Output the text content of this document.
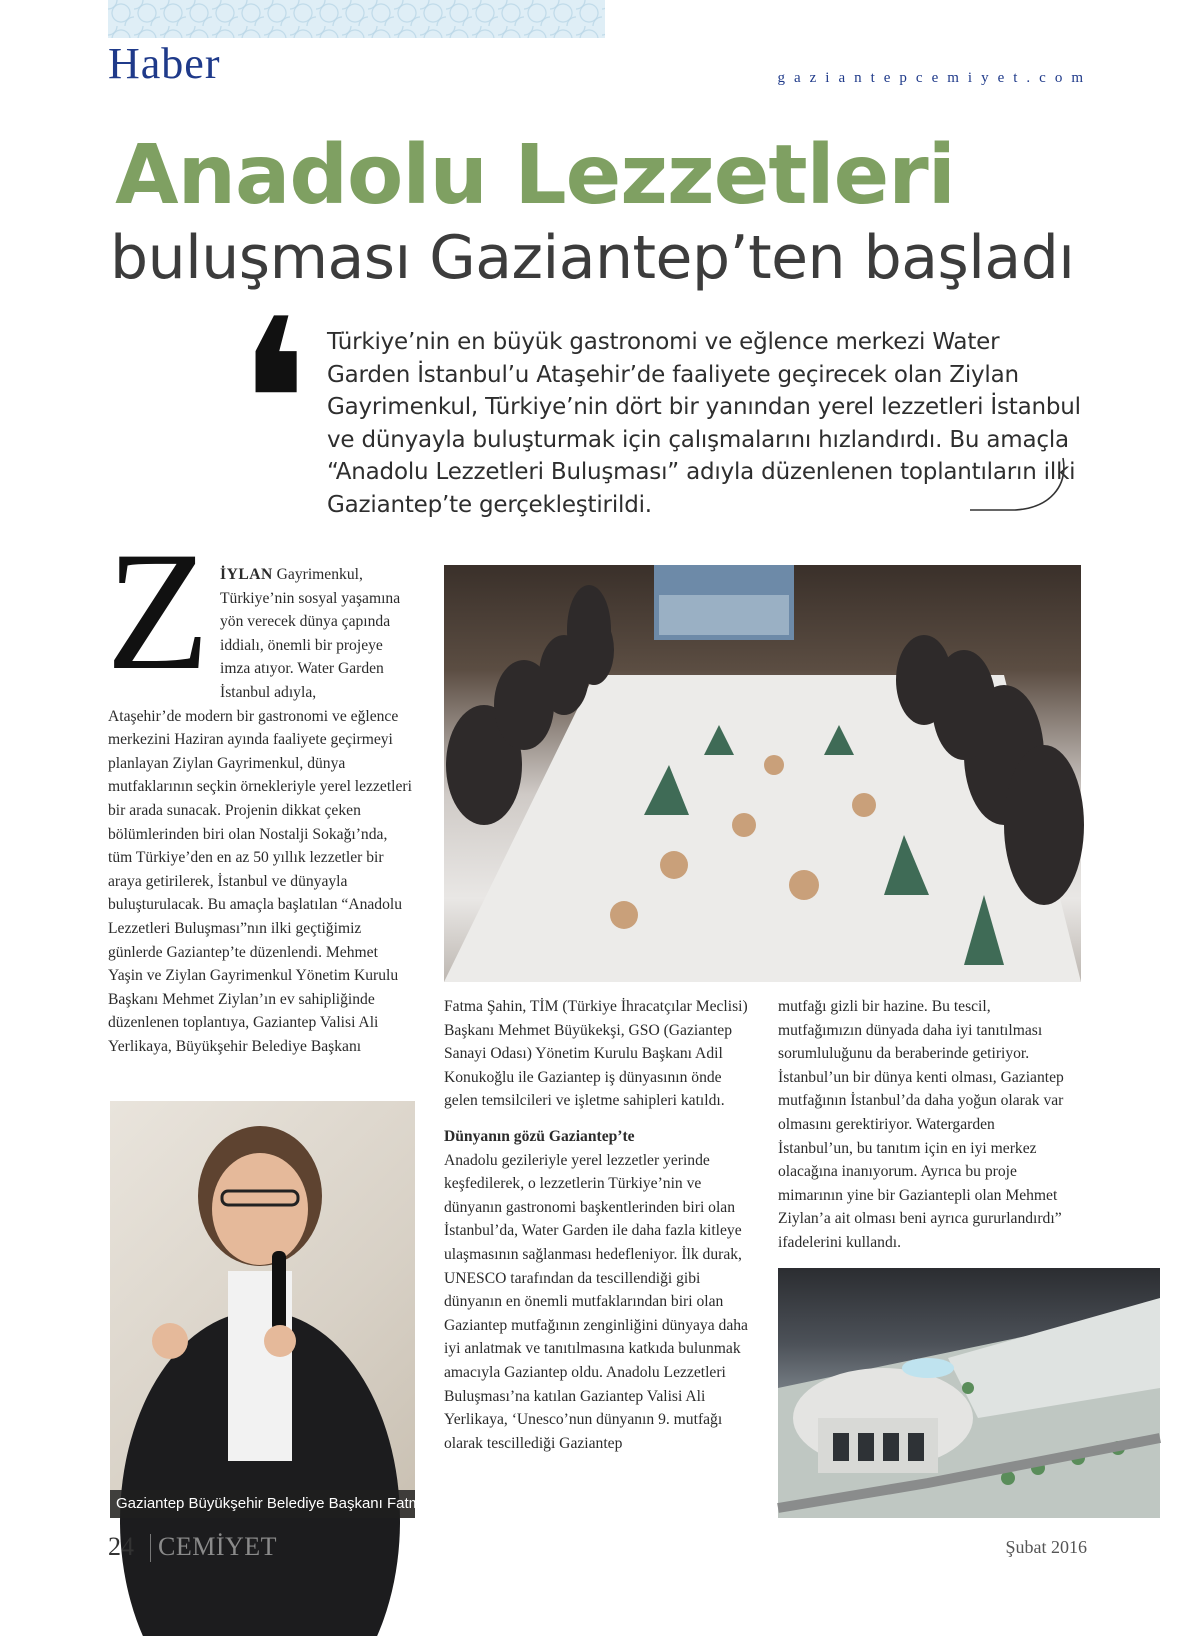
Haber	gaziantepcemiyet.com
Anadolu Lezzetleri
buluşması Gaziantep’ten başladı
❛ Türkiye’nin en büyük gastronomi ve eğlence merkezi Water Garden İstanbul’u Ataşehir’de faaliyete geçirecek olan Ziylan Gayrimenkul, Türkiye’nin dört bir yanından yerel lezzetleri İstanbul ve dünyayla buluşturmak için çalışmalarını hızlandırdı. Bu amaçla “Anadolu Lezzetleri Buluşması” adıyla düzenlenen toplantıların ilki Gaziantep’te gerçekleştirildi.
Z İYLAN Gayrimenkul, Türkiye’nin sosyal yaşamına yön verecek dünya çapında iddialı, önemli bir projeye imza atıyor. Water Garden İstanbul adıyla,
Ataşehir’de modern bir gastronomi ve eğlence merkezini Haziran ayında faaliyete geçirmeyi planlayan Ziylan Gayrimenkul, dünya mutfaklarının seçkin örnekleriyle yerel lezzetleri bir arada sunacak. Projenin dikkat çeken bölümlerinden biri olan Nostalji Sokağı’nda, tüm Türkiye’den en az 50 yıllık lezzetler bir araya getirilerek, İstanbul ve dünyayla buluşturulacak. Bu amaçla başlatılan “Anadolu Lezzetleri Buluşması”nın ilki geçtiğimiz günlerde Gaziantep’te düzenlendi. Mehmet Yaşin ve Ziylan Gayrimenkul Yönetim Kurulu Başkanı Mehmet Ziylan’ın ev sahipliğinde düzenlenen toplantıya, Gaziantep Valisi Ali Yerlikaya, Büyükşehir Belediye Başkanı
Gaziantep Büyükşehir Belediye Başkanı Fatma Şahin
Fatma Şahin, TİM (Türkiye İhracatçılar Meclisi) Başkanı Mehmet Büyükekşi, GSO (Gaziantep Sanayi Odası) Yönetim Kurulu Başkanı Adil Konukoğlu ile Gaziantep iş dünyasının önde gelen temsilcileri ve işletme sahipleri katıldı.
Dünyanın gözü Gaziantep’te
Anadolu gezileriyle yerel lezzetler yerinde keşfedilerek, o lezzetlerin Türkiye’nin ve dünyanın gastronomi başkentlerinden biri olan İstanbul’da, Water Garden ile daha fazla kitleye ulaşmasının sağlanması hedefleniyor. İlk durak, UNESCO tarafından da tescillendiği gibi dünyanın en önemli mutfaklarından biri olan Gaziantep mutfağının zenginliğini dünyaya daha iyi anlatmak ve tanıtılmasına katkıda bulunmak amacıyla Gaziantep oldu. Anadolu Lezzetleri Buluşması’na katılan Gaziantep Valisi Ali Yerlikaya, ‘Unesco’nun dünyanın 9. mutfağı olarak tescillediği Gaziantep
mutfağı gizli bir hazine. Bu tescil, mutfağımızın dünyada daha iyi tanıtılması sorumluluğunu da beraberinde getiriyor. İstanbul’un bir dünya kenti olması, Gaziantep mutfağının İstanbul’da daha yoğun olarak var olmasını gerektiriyor. Watergarden İstanbul’un, bu tanıtım için en iyi merkez olacağına inanıyorum. Ayrıca bu proje mimarının yine bir Gaziantepli olan Mehmet Ziylan’a ait olması beni ayrıca gururlandırdı” ifadelerini kullandı.
24 CEMİYET	Şubat 2016
